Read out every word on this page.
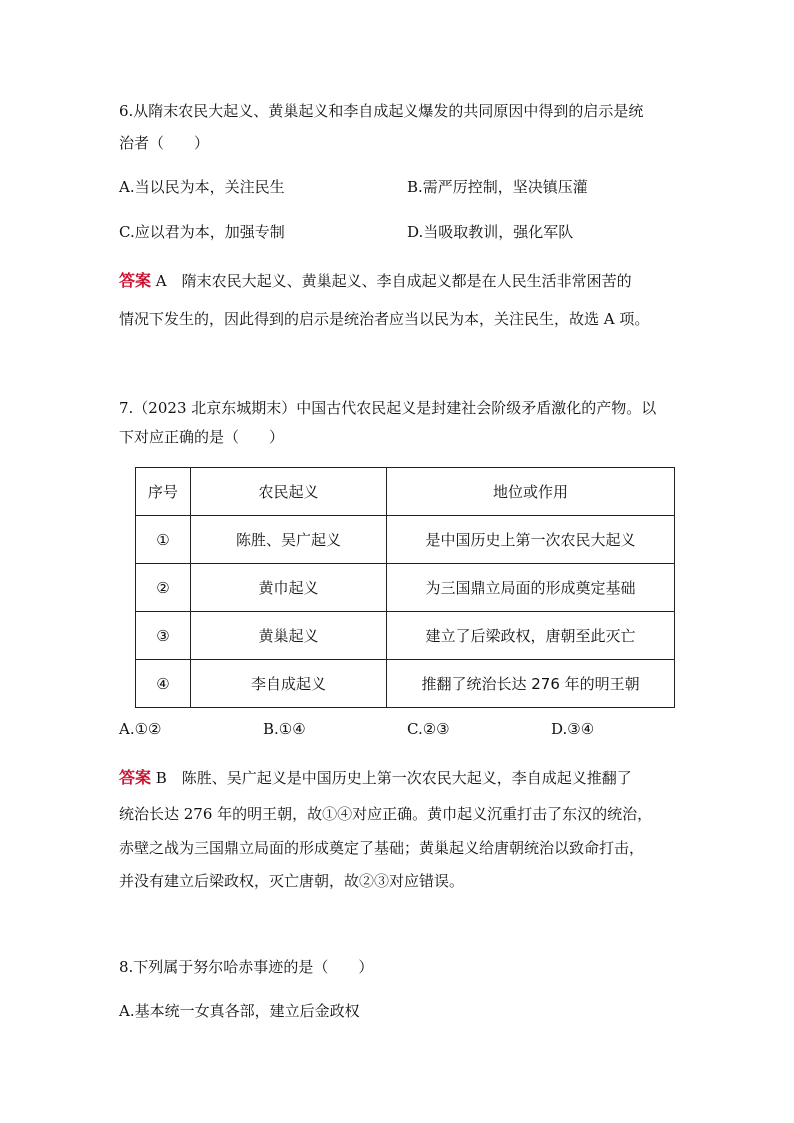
6.从隋末农民大起义、黄巢起义和李自成起义爆发的共同原因中得到的启示是统
治者（　　）
A.当以民为本，关注民生	B.需严厉控制，坚决镇压灌
C.应以君为本，加强专制	D.当吸取教训，强化军队
答案 A　隋末农民大起义、黄巢起义、李自成起义都是在人民生活非常困苦的
情况下发生的，因此得到的启示是统治者应当以民为本，关注民生，故选 A 项。
7.（2023 北京东城期末）中国古代农民起义是封建社会阶级矛盾激化的产物。以
下对应正确的是（　　）
序号	农民起义	地位或作用
①	陈胜、吴广起义	是中国历史上第一次农民大起义
②	黄巾起义	为三国鼎立局面的形成奠定基础
③	黄巢起义	建立了后梁政权，唐朝至此灭亡
④	李自成起义	推翻了统治长达 276 年的明王朝
A.①②	B.①④	C.②③	D.③④
答案 B　陈胜、吴广起义是中国历史上第一次农民大起义，李自成起义推翻了
统治长达 276 年的明王朝，故①④对应正确。黄巾起义沉重打击了东汉的统治，
赤壁之战为三国鼎立局面的形成奠定了基础；黄巢起义给唐朝统治以致命打击，
并没有建立后梁政权，灭亡唐朝，故②③对应错误。
8.下列属于努尔哈赤事迹的是（　　）
A.基本统一女真各部，建立后金政权
